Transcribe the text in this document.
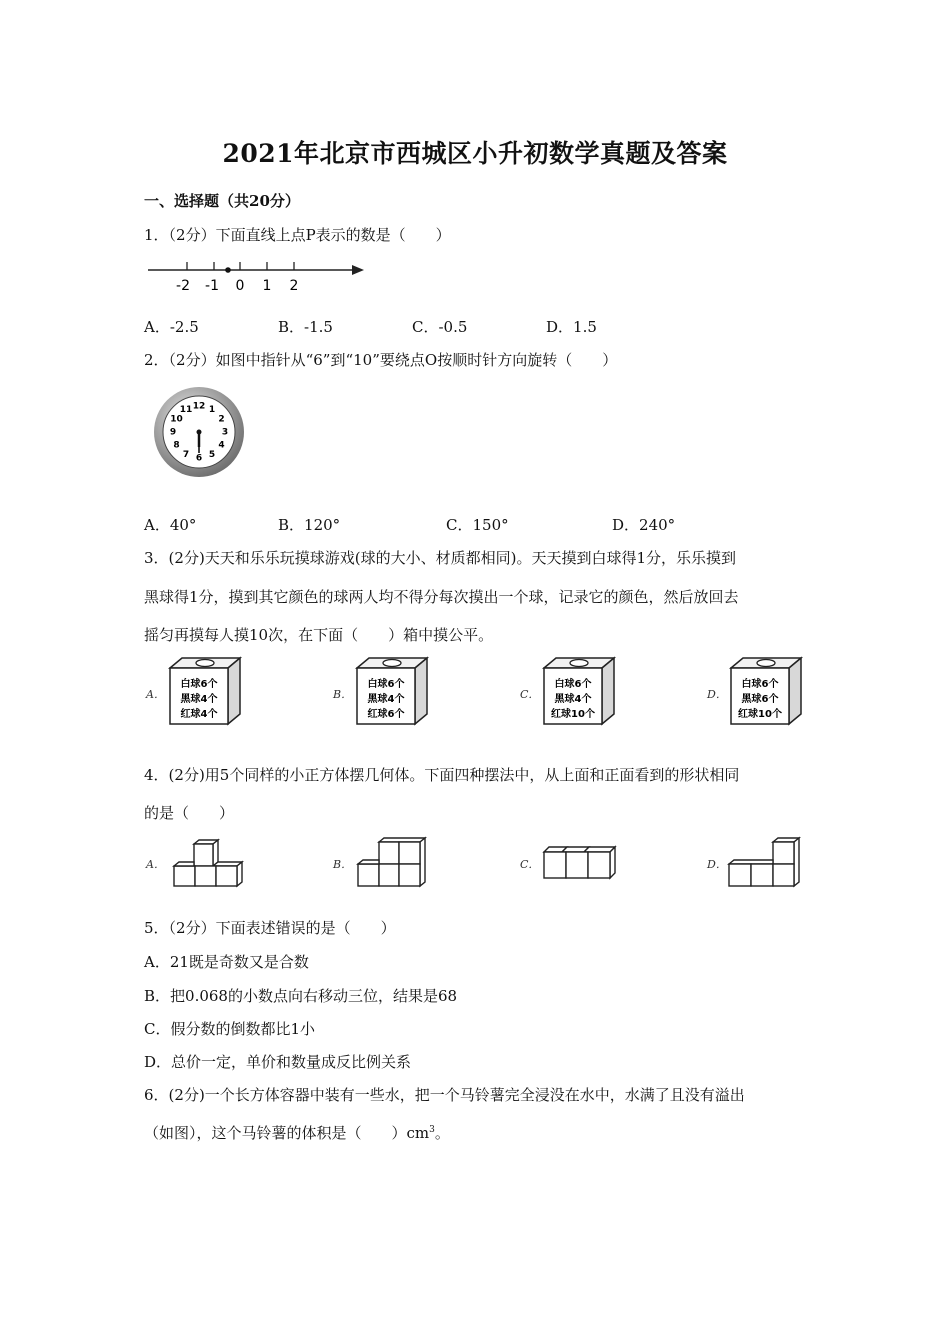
2021年北京市西城区小升初数学真题及答案
一、选择题（共20分）
1．（2分）下面直线上点P表示的数是（　　）
-2 -1 0 1 2
A．-2.5	B．-1.5	C．-0.5	D．1.5
2．（2分）如图中指针从“6”到“10”要绕点O按顺时针方向旋转（　　）
12 1
2
3
4
5
6
7
8
9
10
11
A．40°	B．120°	C．150°	D．240°
3．(2分)天天和乐乐玩摸球游戏(球的大小、材质都相同)。天天摸到白球得1分，乐乐摸到
黑球得1分，摸到其它颜色的球两人均不得分每次摸出一个球，记录它的颜色，然后放回去
摇匀再摸每人摸10次，在下面（　　）箱中摸公平。
A．
白球6个
黑球4个
红球4个
B．
白球6个
黑球4个
红球6个
C．
白球6个
黑球4个
红球10个
D．
白球6个
黑球6个
红球10个
4．(2分)用5个同样的小正方体摆几何体。下面四种摆法中，从上面和正面看到的形状相同
的是（　　）
A．	B．	C．	D．
5．（2分）下面表述错误的是（　　）
A．21既是奇数又是合数
B．把0.068的小数点向右移动三位，结果是68
C．假分数的倒数都比1小
D．总价一定，单价和数量成反比例关系
6．(2分)一个长方体容器中装有一些水，把一个马铃薯完全浸没在水中，水满了且没有溢出
（如图），这个马铃薯的体积是（　　）$cm^3$。
